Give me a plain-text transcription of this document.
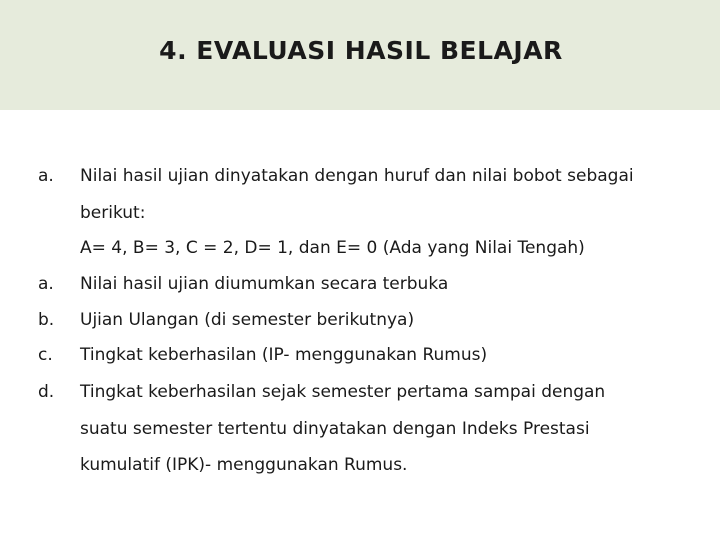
4. EVALUASI HASIL BELAJAR
a. Nilai hasil ujian dinyatakan dengan huruf dan nilai bobot sebagai
berikut:
A= 4, B= 3, C = 2, D= 1, dan E= 0 (Ada yang Nilai Tengah)
a. Nilai hasil ujian diumumkan secara terbuka
b. Ujian Ulangan (di semester berikutnya)
c. Tingkat keberhasilan (IP- menggunakan Rumus)
d. Tingkat keberhasilan sejak semester pertama sampai dengan
suatu semester tertentu dinyatakan dengan Indeks Prestasi
kumulatif (IPK)- menggunakan Rumus.
